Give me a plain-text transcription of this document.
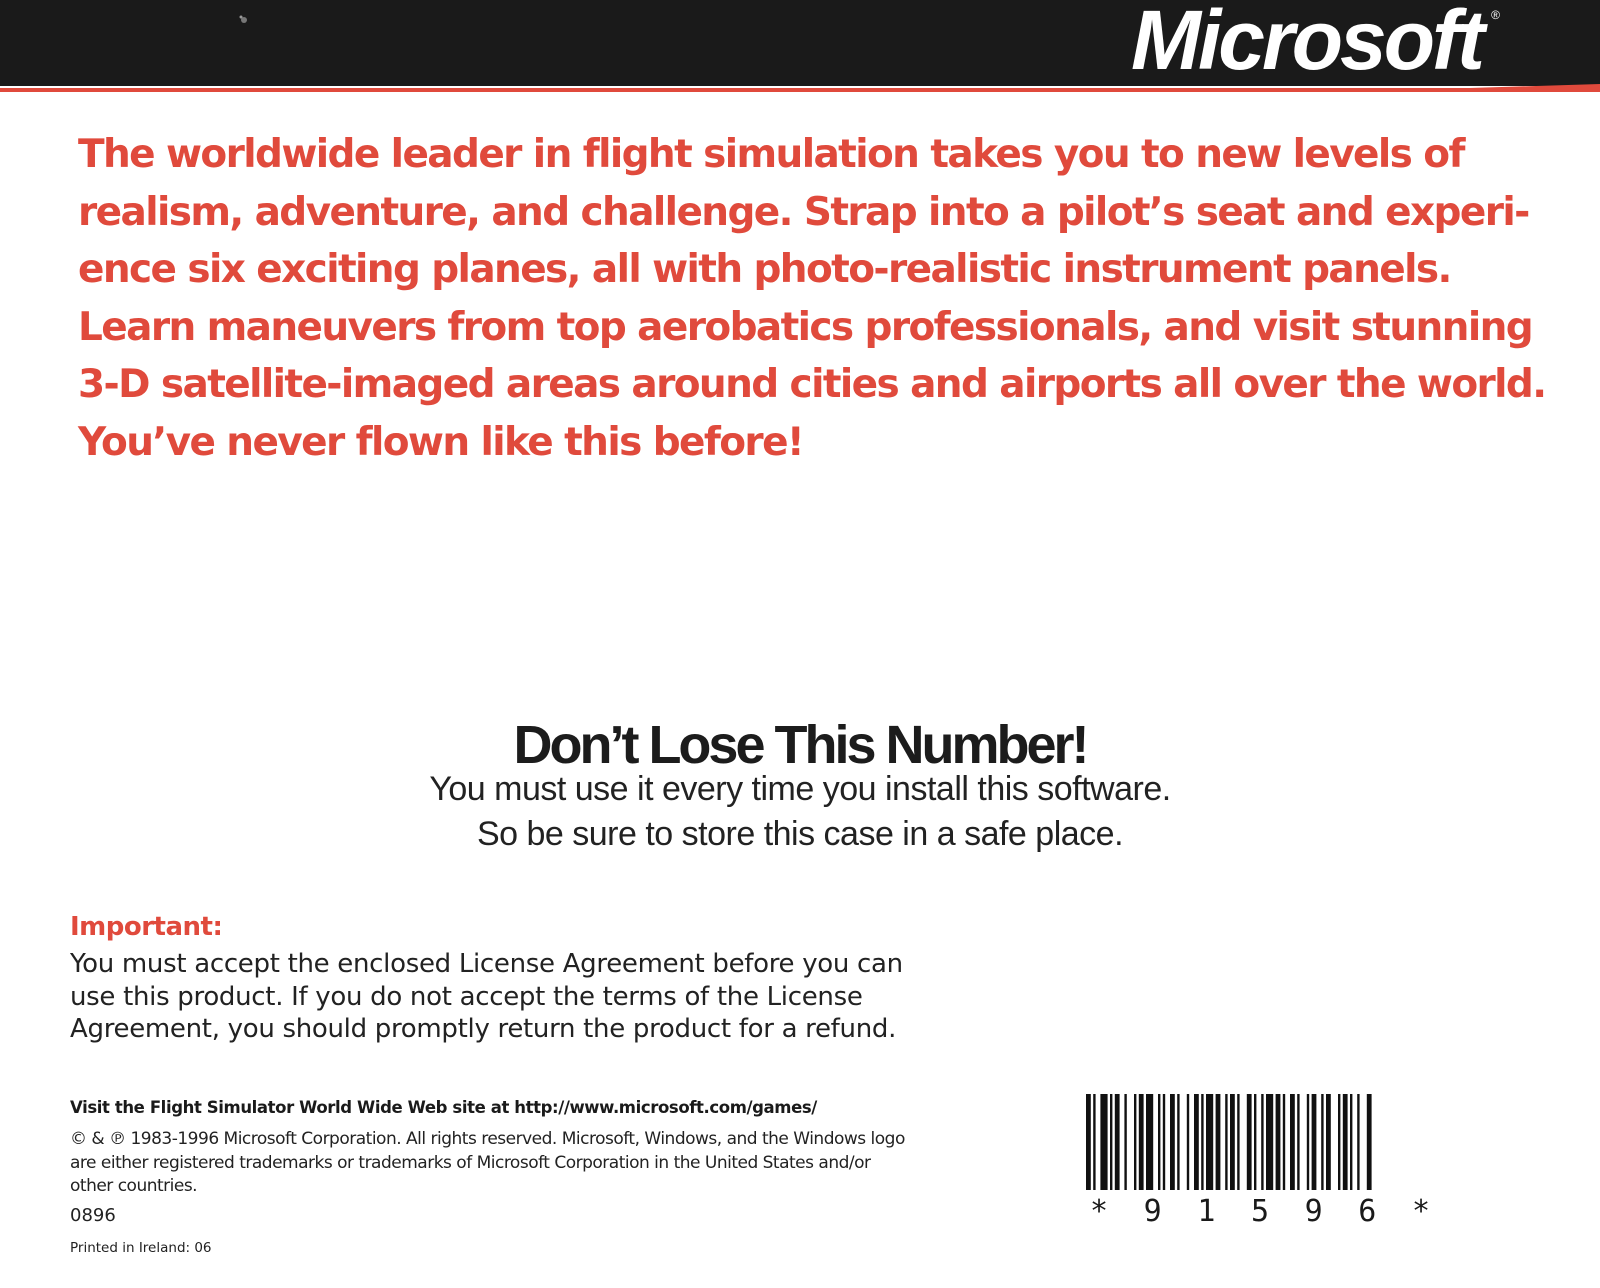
Microsoft ®

The worldwide leader in flight simulation takes you to new levels of
realism, adventure, and challenge. Strap into a pilot’s seat and experi-
ence six exciting planes, all with photo-realistic instrument panels.
Learn maneuvers from top aerobatics professionals, and visit stunning
3-D satellite-imaged areas around cities and airports all over the world.
You’ve never flown like this before!

Don’t Lose This Number!
You must use it every time you install this software.
So be sure to store this case in a safe place.
Important:
You must accept the enclosed License Agreement before you can
use this product. If you do not accept the terms of the License
Agreement, you should promptly return the product for a refund.
Visit the Flight Simulator World Wide Web site at http://www.microsoft.com/games/
© & ℗ 1983-1996 Microsoft Corporation. All rights reserved. Microsoft, Windows, and the Windows logo
are either registered trademarks or trademarks of Microsoft Corporation in the United States and/or
other countries.
0896
Printed in Ireland: 06
* 9 1 5 9 6 *
